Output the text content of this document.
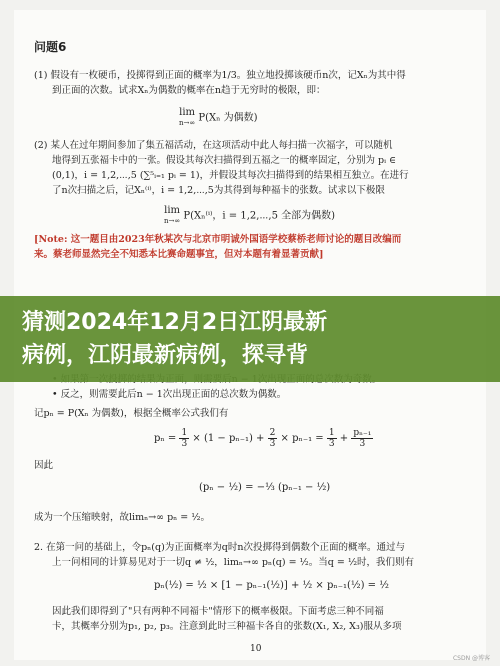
问题6
(1) 假设有一枚硬币，投掷得到正面的概率为1/3。独立地投掷该硬币n次，记Xₙ为其中得
到正面的次数。试求Xₙ为偶数的概率在n趋于无穷时的极限，即：
lim
n→∞ P(Xₙ 为偶数)
(2) 某人在过年期间参加了集五福活动，在这项活动中此人每扫描一次福字，可以随机
地得到五张福卡中的一张。假设其每次扫描得到五福之一的概率固定，分别为 pᵢ ∈
(0,1)，i = 1,2,⋯,5 (∑⁵ᵢ₌₁ pᵢ = 1)，并假设其每次扫描得到的结果相互独立。在进行
了n次扫描之后，记Xₙ⁽ⁱ⁾，i = 1,2,⋯,5为其得到每种福卡的张数。试求以下极限
lim
n→∞ P(Xₙ⁽ⁱ⁾，i = 1,2,⋯,5 全部为偶数)
[Note: 这一题目由2023年秋某次与北京市明诚外国语学校蔡桥老师讨论的题目改编而
来。蔡老师显然完全不知悉本比赛命题事宜，但对本题有着显著贡献]
• 反之，则需要此后n − 1次出现正面的总次数为偶数。
记pₙ = P(Xₙ 为偶数)，根据全概率公式我们有
$p_n = \frac{1}{3} \times (1 - p_{n-1}) + \frac{2}{3} \times p_{n-1} = \frac{1}{3} + \frac{\text{pₙ₋₁}}{3}$
因此
(pₙ − ½) = −⅓ (pₙ₋₁ − ½)
成为一个压缩映射，故limₙ→∞ pₙ = ½。
2. 在第一问的基础上，令pₙ(q)为正面概率为q时n次投掷得到偶数个正面的概率。通过与
上一问相同的计算易见对于一切q ≠ ½，limₙ→∞ pₙ(q) = ½。当q = ½时，我们则有
pₙ(½) = ½ × [1 − pₙ₋₁(½)] + ½ × pₙ₋₁(½) = ½
因此我们即得到了"只有两种不同福卡"情形下的概率极限。下面考虑三种不同福
卡，其概率分别为p₁, p₂, p₃。注意到此时三种福卡各自的张数(X₁, X₂, X₃)服从多项
10
猜测2024年12月2日江阴最新
病例，江阴最新病例，探寻背
CSDN @博客
